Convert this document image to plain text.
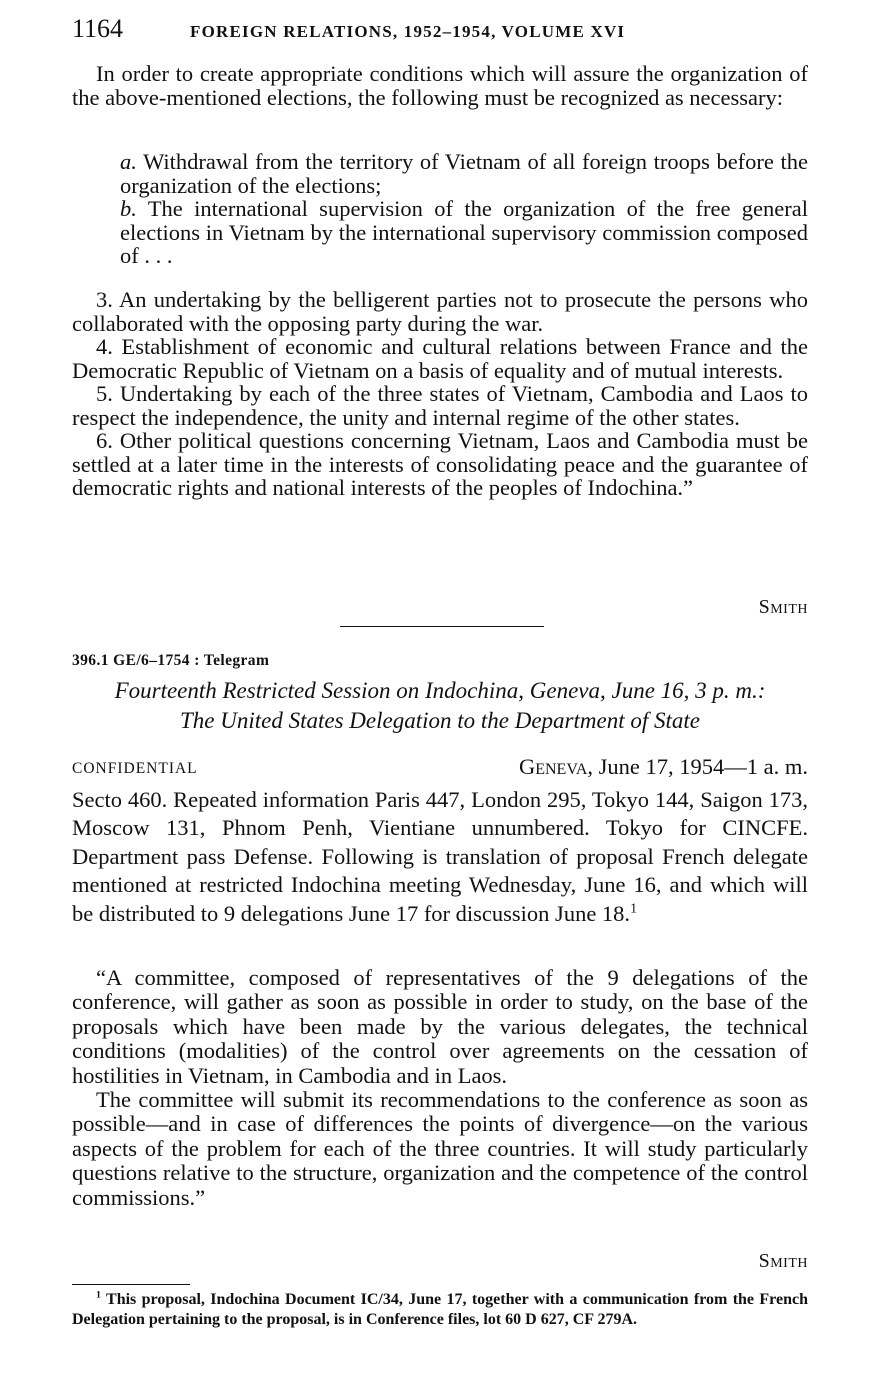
1164	FOREIGN RELATIONS, 1952–1954, VOLUME XVI

In order to create appropriate conditions which will assure the organization of the above-mentioned elections, the following must be recognized as necessary:

a. Withdrawal from the territory of Vietnam of all foreign troops before the organization of the elections;

b. The international supervision of the organization of the free general elections in Vietnam by the international supervisory commission composed of . . .

3. An undertaking by the belligerent parties not to prosecute the persons who collaborated with the opposing party during the war.

4. Establishment of economic and cultural relations between France and the Democratic Republic of Vietnam on a basis of equality and of mutual interests.

5. Undertaking by each of the three states of Vietnam, Cambodia and Laos to respect the independence, the unity and internal regime of the other states.

6. Other political questions concerning Vietnam, Laos and Cambodia must be settled at a later time in the interests of consolidating peace and the guarantee of democratic rights and national interests of the peoples of Indochina.”

Smith
396.1 GE/6–1754 : Telegram
Fourteenth Restricted Session on Indochina, Geneva, June 16, 3 p. m.:
The United States Delegation to the Department of State
CONFIDENTIAL	Geneva, June 17, 1954—1 a. m.

Secto 460. Repeated information Paris 447, London 295, Tokyo 144, Saigon 173, Moscow 131, Phnom Penh, Vientiane unnumbered. Tokyo for CINCFE. Department pass Defense. Following is translation of proposal French delegate mentioned at restricted Indochina meeting Wednesday, June 16, and which will be distributed to 9 delegations June 17 for discussion June 18.$^1$

“A committee, composed of representatives of the 9 delegations of the conference, will gather as soon as possible in order to study, on the base of the proposals which have been made by the various delegates, the technical conditions (modalities) of the control over agreements on the cessation of hostilities in Vietnam, in Cambodia and in Laos.

The committee will submit its recommendations to the conference as soon as possible—and in case of differences the points of divergence—on the various aspects of the problem for each of the three countries. It will study particularly questions relative to the structure, organization and the competence of the control commissions.”

Smith

$^1$ This proposal, Indochina Document IC/34, June 17, together with a communication from the French Delegation pertaining to the proposal, is in Conference files, lot 60 D 627, CF 279A.
